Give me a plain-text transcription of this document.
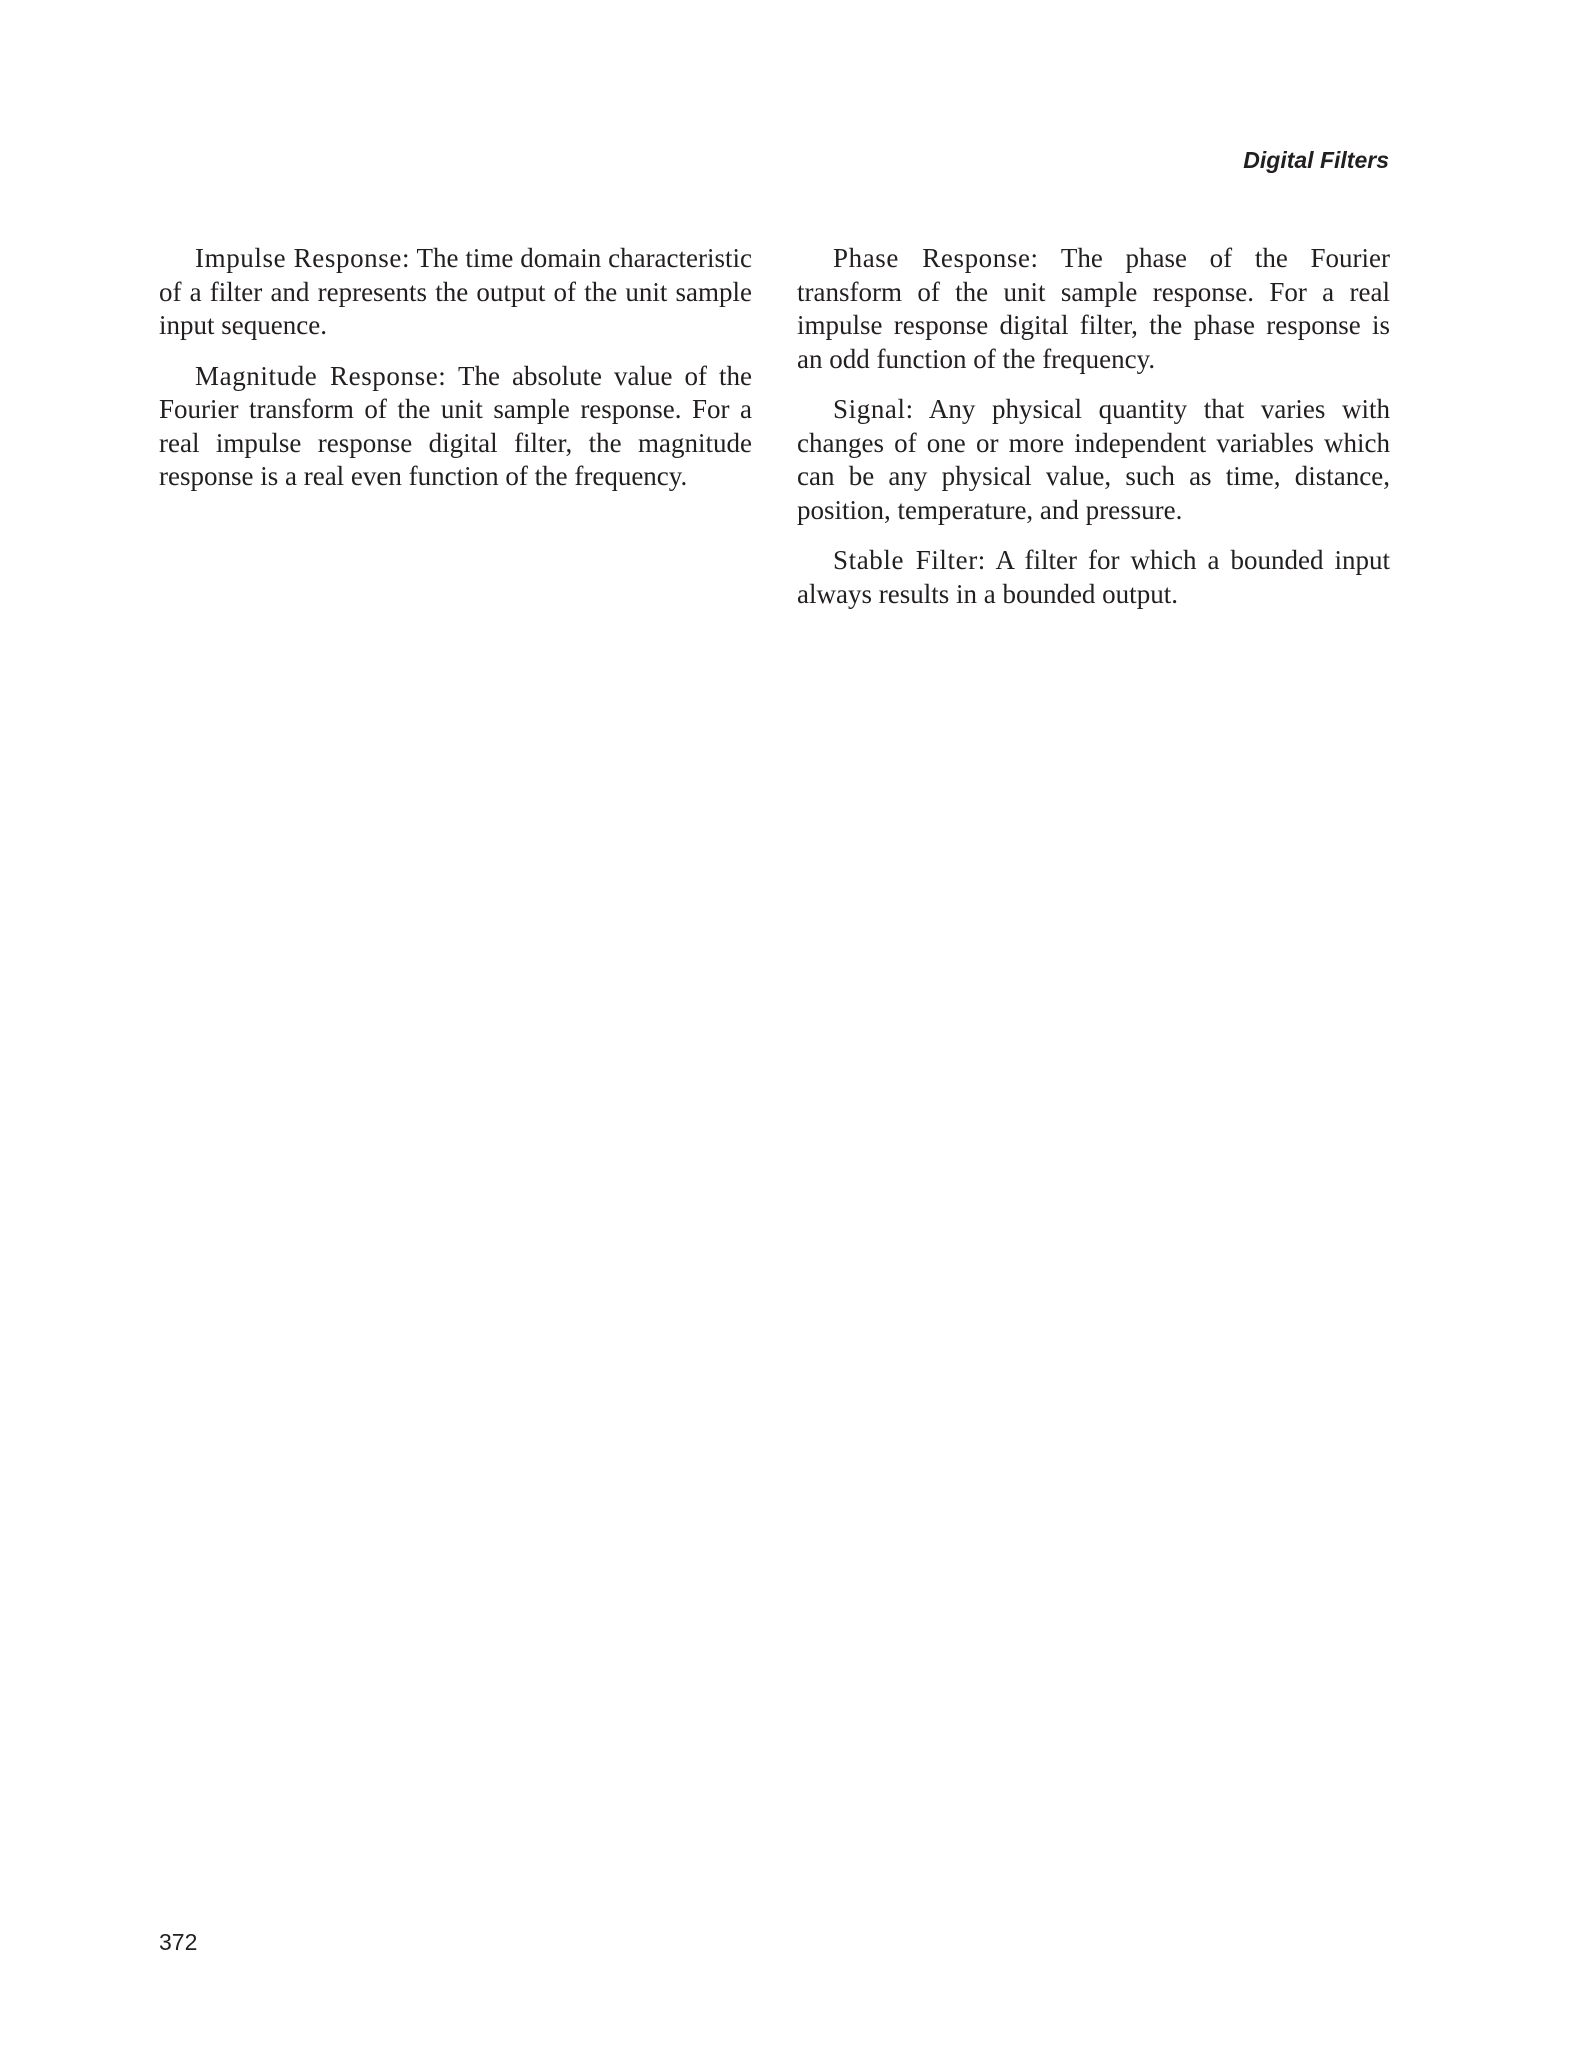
Digital Filters

Impulse Response: The time domain characteristic of a filter and represents the output of the unit sample input sequence.

Magnitude Response: The absolute value of the Fourier transform of the unit sample response. For a real impulse response digital filter, the magnitude response is a real even function of the frequency.

Phase Response: The phase of the Fourier transform of the unit sample response. For a real impulse response digital filter, the phase response is an odd function of the frequency.

Signal: Any physical quantity that varies with changes of one or more independent variables which can be any physical value, such as time, distance, position, temperature, and pressure.

Stable Filter: A filter for which a bounded input always results in a bounded output.

372
